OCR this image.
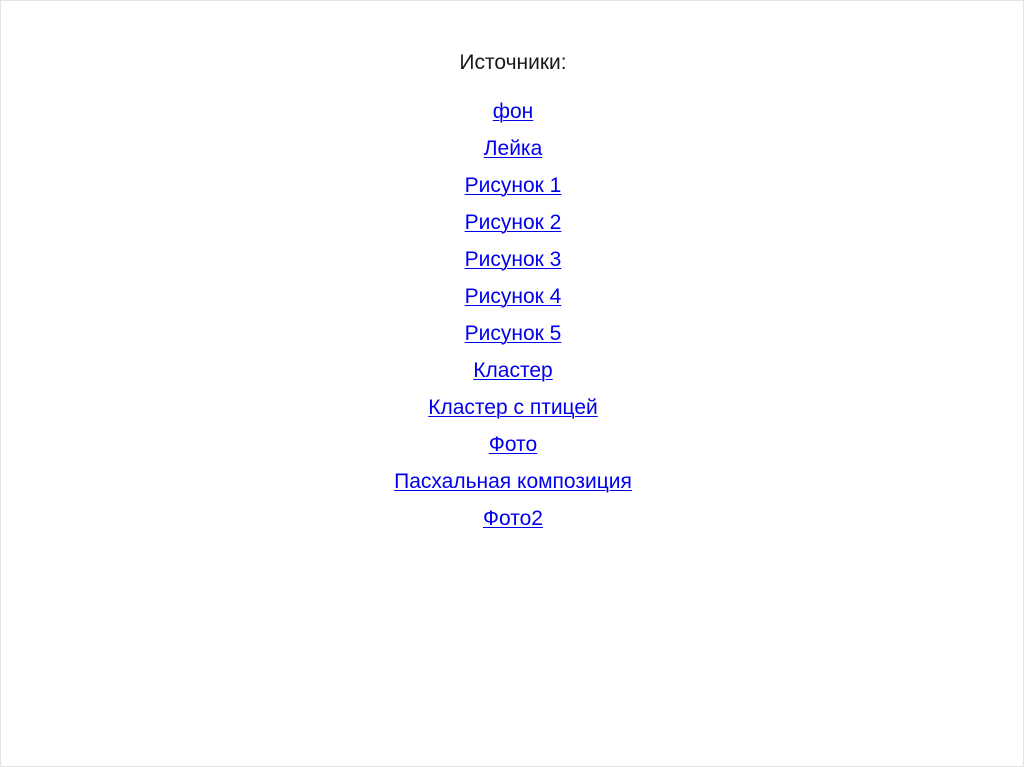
Источники:
фон
Лейка
Рисунок 1
Рисунок 2
Рисунок 3
Рисунок 4
Рисунок 5
Кластер
Кластер с птицей
Фото
Пасхальная композиция
Фото2
